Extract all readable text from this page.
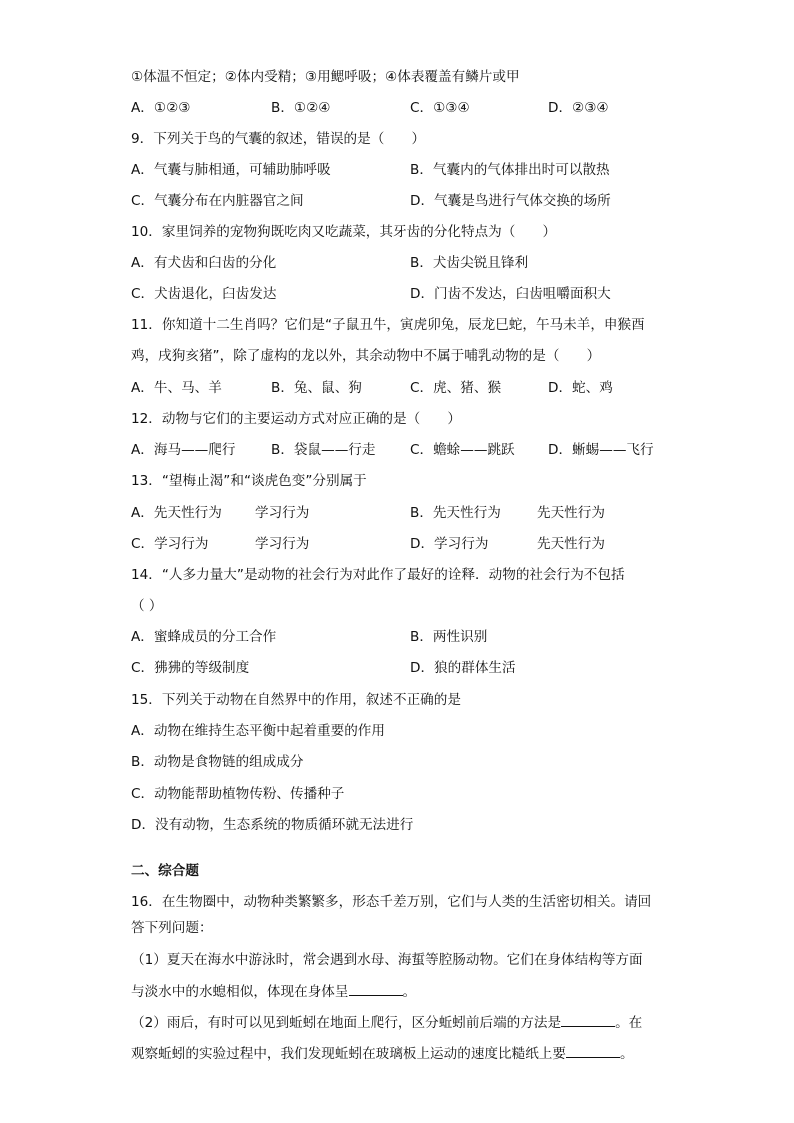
①体温不恒定；②体内受精；③用鳃呼吸；④体表覆盖有鳞片或甲
A．①②③	B．①②④	C．①③④	D．②③④
9．下列关于鸟的气囊的叙述，错误的是（　　）
A．气囊与肺相通，可辅助肺呼吸	B．气囊内的气体排出时可以散热
C．气囊分布在内脏器官之间	D．气囊是鸟进行气体交换的场所
10．家里饲养的宠物狗既吃肉又吃蔬菜，其牙齿的分化特点为（　　）
A．有犬齿和臼齿的分化	B．犬齿尖锐且锋利
C．犬齿退化，臼齿发达	D．门齿不发达，臼齿咀嚼面积大
11．你知道十二生肖吗？它们是“子鼠丑牛，寅虎卯兔，辰龙巳蛇，午马未羊，申猴酉
鸡，戌狗亥猪”，除了虚构的龙以外，其余动物中不属于哺乳动物的是（　　）
A．牛、马、羊	B．兔、鼠、狗	C．虎、猪、猴	D．蛇、鸡
12．动物与它们的主要运动方式对应正确的是（　　）
A．海马——爬行	B．袋鼠——行走	C．蟾蜍——跳跃 D．蜥蜴——飞行
13．“望梅止渴”和“谈虎色变”分别属于
A．先天性行为 学习行为	B．先天性行为	先天性行为
C．学习行为	学习行为	D．学习行为	先天性行为
14．“人多力量大”是动物的社会行为对此作了最好的诠释．动物的社会行为不包括
（ ）
A．蜜蜂成员的分工合作	B．两性识别
C．狒狒的等级制度	D．狼的群体生活
15．下列关于动物在自然界中的作用，叙述不正确的是
A．动物在维持生态平衡中起着重要的作用
B．动物是食物链的组成成分
C．动物能帮助植物传粉、传播种子
D．没有动物，生态系统的物质循环就无法进行
二、综合题
16．在生物圈中，动物种类繁繁多，形态千差万别，它们与人类的生活密切相关。请回
答下列问题：
（1）夏天在海水中游泳时，常会遇到水母、海蜇等腔肠动物。它们在身体结构等方面
与淡水中的水螅相似，体现在身体呈	。
（2）雨后，有时可以见到蚯蚓在地面上爬行，区分蚯蚓前后端的方法是	。在
观察蚯蚓的实验过程中，我们发现蚯蚓在玻璃板上运动的速度比糙纸上要	。
